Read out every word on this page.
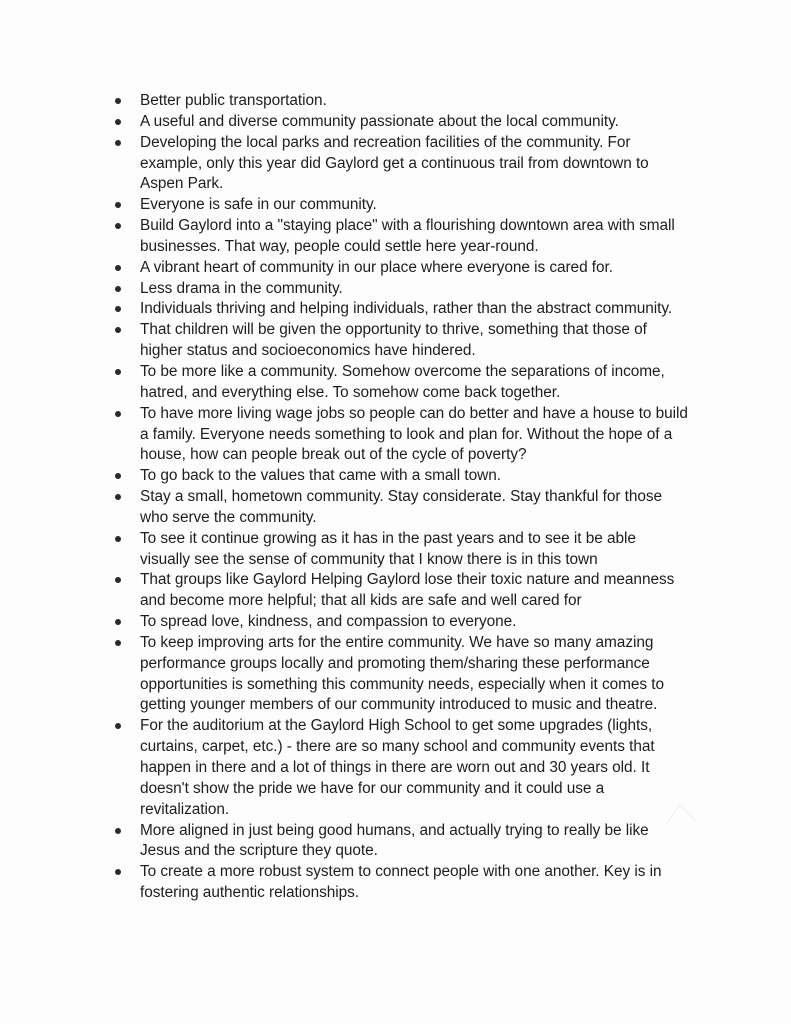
Better public transportation.
A useful and diverse community passionate about the local community.
Developing the local parks and recreation facilities of the community. For
example, only this year did Gaylord get a continuous trail from downtown to
Aspen Park.
Everyone is safe in our community.
Build Gaylord into a "staying place" with a flourishing downtown area with small
businesses. That way, people could settle here year-round.
A vibrant heart of community in our place where everyone is cared for.
Less drama in the community.
Individuals thriving and helping individuals, rather than the abstract community.
That children will be given the opportunity to thrive, something that those of
higher status and socioeconomics have hindered.
To be more like a community. Somehow overcome the separations of income,
hatred, and everything else. To somehow come back together.
To have more living wage jobs so people can do better and have a house to build
a family. Everyone needs something to look and plan for. Without the hope of a
house, how can people break out of the cycle of poverty?
To go back to the values that came with a small town.
Stay a small, hometown community. Stay considerate. Stay thankful for those
who serve the community.
To see it continue growing as it has in the past years and to see it be able
visually see the sense of community that I know there is in this town
That groups like Gaylord Helping Gaylord lose their toxic nature and meanness
and become more helpful; that all kids are safe and well cared for
To spread love, kindness, and compassion to everyone.
To keep improving arts for the entire community. We have so many amazing
performance groups locally and promoting them/sharing these performance
opportunities is something this community needs, especially when it comes to
getting younger members of our community introduced to music and theatre.
For the auditorium at the Gaylord High School to get some upgrades (lights,
curtains, carpet, etc.) - there are so many school and community events that
happen in there and a lot of things in there are worn out and 30 years old. It
doesn't show the pride we have for our community and it could use a
revitalization.
More aligned in just being good humans, and actually trying to really be like
Jesus and the scripture they quote.
To create a more robust system to connect people with one another. Key is in
fostering authentic relationships.
